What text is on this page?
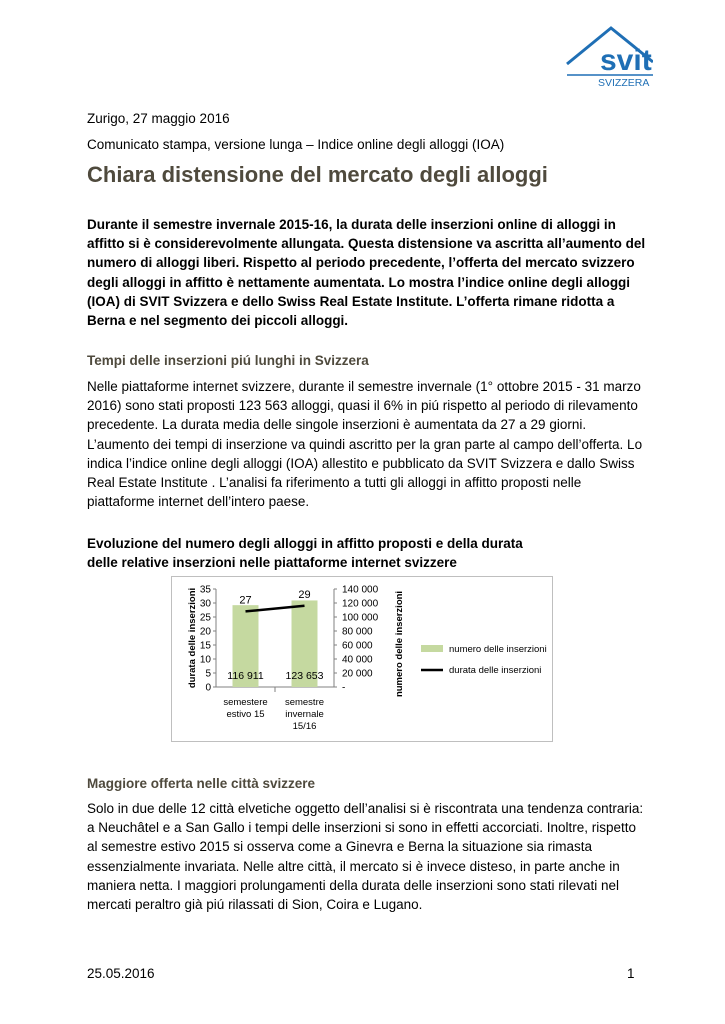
svit
SVIZZERA

Zurigo, 27 maggio 2016

Comunicato stampa, versione lunga – Indice online degli alloggi (IOA)

Chiara distensione del mercato degli alloggi

Durante il semestre invernale 2015-16, la durata delle inserzioni online di alloggi in affitto si è considerevolmente allungata. Questa distensione va ascritta all’aumento del numero di alloggi liberi. Rispetto al periodo precedente, l’offerta del mercato svizzero degli alloggi in affitto è nettamente aumentata. Lo mostra l’indice online degli alloggi (IOA) di SVIT Svizzera e dello Swiss Real Estate Institute. L’offerta rimane ridotta a Berna e nel segmento dei piccoli alloggi.

Tempi delle inserzioni piú lunghi in Svizzera

Nelle piattaforme internet svizzere, durante il semestre invernale (1° ottobre 2015 - 31 marzo 2016) sono stati proposti 123 563 alloggi, quasi il 6% in piú rispetto al periodo di rilevamento precedente. La durata media delle singole inserzioni è aumentata da 27 a 29 giorni. L’aumento dei tempi di inserzione va quindi ascritto per la gran parte al campo dell’offerta. Lo indica l’indice online degli alloggi (IOA) allestito e pubblicato da SVIT Svizzera e dallo Swiss Real Estate Institute . L’analisi fa riferimento a tutti gli alloggi in affitto proposti nelle piattaforme internet dell’intero paese.

Evoluzione del numero degli alloggi in affitto proposti e della durata
delle relative inserzioni nelle piattaforme internet svizzere
35
30
25
20
15
10
5
0
140 000
120 000
100 000
80 000
60 000
40 000
20 000
-
116 911 123 653
27	29
semestere
estivo 15
semestre
invernale
15/16
durata delle inserzioni	numero delle inserzioni	numero delle inserzioni
durata delle inserzioni
Maggiore offerta nelle città svizzere

Solo in due delle 12 città elvetiche oggetto dell’analisi si è riscontrata una tendenza contraria: a Neuchâtel e a San Gallo i tempi delle inserzioni si sono in effetti accorciati. Inoltre, rispetto al semestre estivo 2015 si osserva come a Ginevra e Berna la situazione sia rimasta essenzialmente invariata. Nelle altre città, il mercato si è invece disteso, in parte anche in maniera netta. I maggiori prolungamenti della durata delle inserzioni sono stati rilevati nel mercati peraltro già piú rilassati di Sion, Coira e Lugano.

25.05.2016	1
